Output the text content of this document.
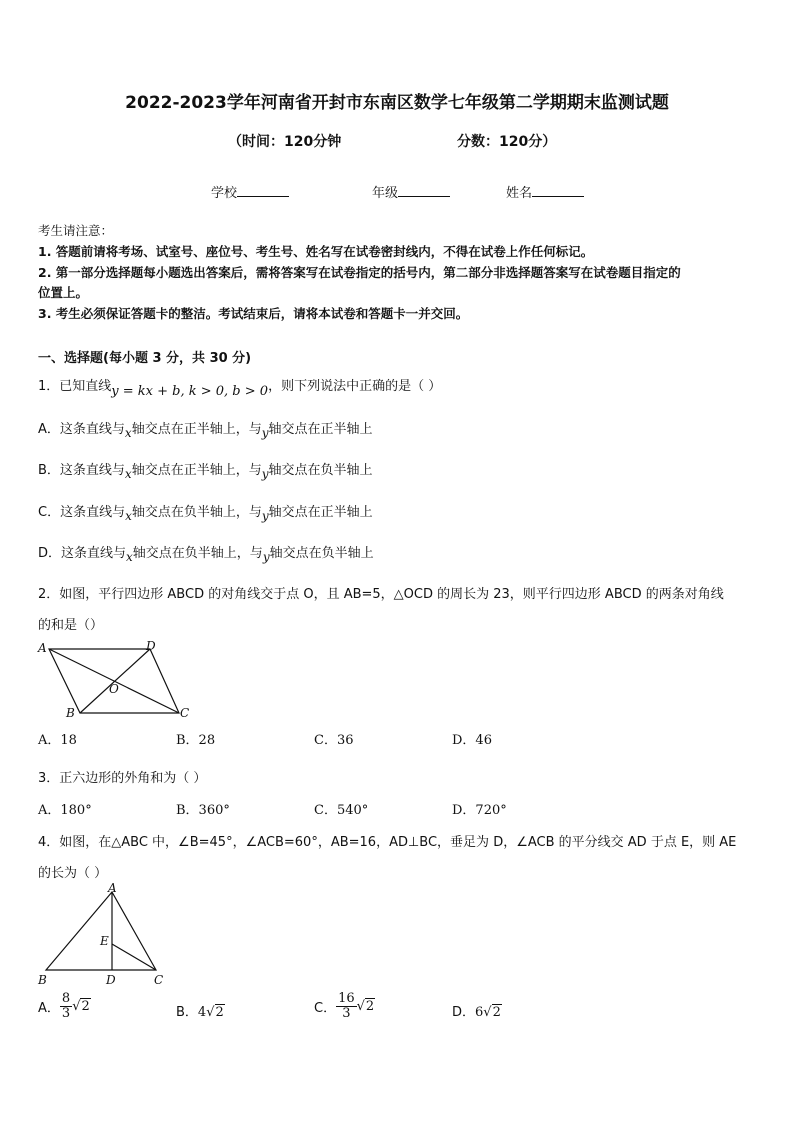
2022-2023学年河南省开封市东南区数学七年级第二学期期末监测试题
（时间：120分钟	分数：120分）
学校	年级	姓名
考生请注意：
1. 答题前请将考场、试室号、座位号、考生号、姓名写在试卷密封线内，不得在试卷上作任何标记。
2. 第一部分选择题每小题选出答案后，需将答案写在试卷指定的括号内，第二部分非选择题答案写在试卷题目指定的
位置上。
3. 考生必须保证答题卡的整洁。考试结束后，请将本试卷和答题卡一并交回。
一、选择题(每小题 3 分，共 30 分)
1．已知直线y = kx + b, k > 0, b > 0，则下列说法中正确的是（ ）
A．这条直线与x轴交点在正半轴上，与y轴交点在正半轴上
B．这条直线与x轴交点在正半轴上，与y轴交点在负半轴上
C．这条直线与x轴交点在负半轴上，与y轴交点在正半轴上
D．这条直线与x轴交点在负半轴上，与y轴交点在负半轴上
2．如图，平行四边形 ABCD 的对角线交于点 O，且 AB=5，△OCD 的周长为 23，则平行四边形 ABCD 的两条对角线
的和是（）
A	D
O
B	C
A．18	B．28	C．36	D．46
3．正六边形的外角和为（ ）
A．180°	B．360°	C．540°	D．720°
4．如图，在△ABC 中，∠B=45°，∠ACB=60°，AB=16，AD⊥BC，垂足为 D，∠ACB 的平分线交 AD 于点 E，则 AE
的长为（ ）
A
E
B	D	C
A． $\frac{8}{3} √2$	B．4√2	C． $\frac{16}{3} √2$	D．6√2
